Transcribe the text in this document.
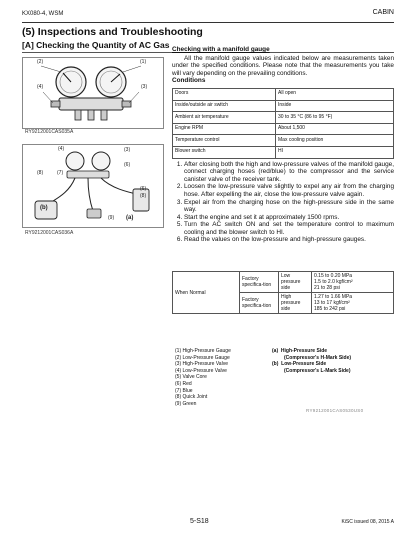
KX080-4, WSM	CABIN
(5) Inspections and Troubleshooting
[A] Checking the Quantity of AC Gas
(2)	(1)
(4)	(3)
RY9212001CAS035A
(4)	(3)
(6)
(8)	(7)
(6)
(8)
(b)
(9) (a)
RY9212001CAS036A
Checking with a manifold gauge

All the manifold gauge values indicated below are measurements taken under the specified conditions. Please note that the measurements you take will vary depending on the prevailing conditions.

Conditions
Doors	All open
Inside/outside air switch	Inside
Ambient air temperature	30 to 35 °C (86 to 95 °F)
Engine RPM	About 1,500
Temperature control	Max cooling position
Blower switch	HI
1. After closing both the high and low-pressure valves of the manifold gauge, connect charging hoses (red/blue) to the compressor and the service canister valve of the receiver tank.
2. Loosen the low-pressure valve slightly to expel any air from the charging hose. After expelling the air, close the low-pressure valve again.
3. Expel air from the charging hose on the high-pressure side in the same way.
4. Start the engine and set it at approximately 1500 rpms.
5. Turn the AC switch ON and set the temperature control to maximum cooling and the blower switch to HI.
6. Read the values on the low-pressure and high-pressure gauges.
When Normal	Factory specifica-tion	Low pressure side	0.15 to 0.20 MPa
1.5 to 2.0 kgf/cm²
21 to 28 psi

	Factory specifica-tion	High pressure side	1.27 to 1.66 MPa
13 to 17 kgf/cm²
185 to 242 psi
(1) High-Pressure Gauge
(2) Low-Pressure Gauge
(3) High-Pressure Valve
(4) Low-Pressure Valve
(5) Valve Core
(6) Red
(7) Blue
(8) Quick Joint
(9) Green
(a) High-Pressure Side
(Compressor's H-Mark Side)
(b) Low-Pressure Side
(Compressor's L-Mark Side)
RY9212001CAS0530US0
5-S18	KiSC issued 08, 2015 A
